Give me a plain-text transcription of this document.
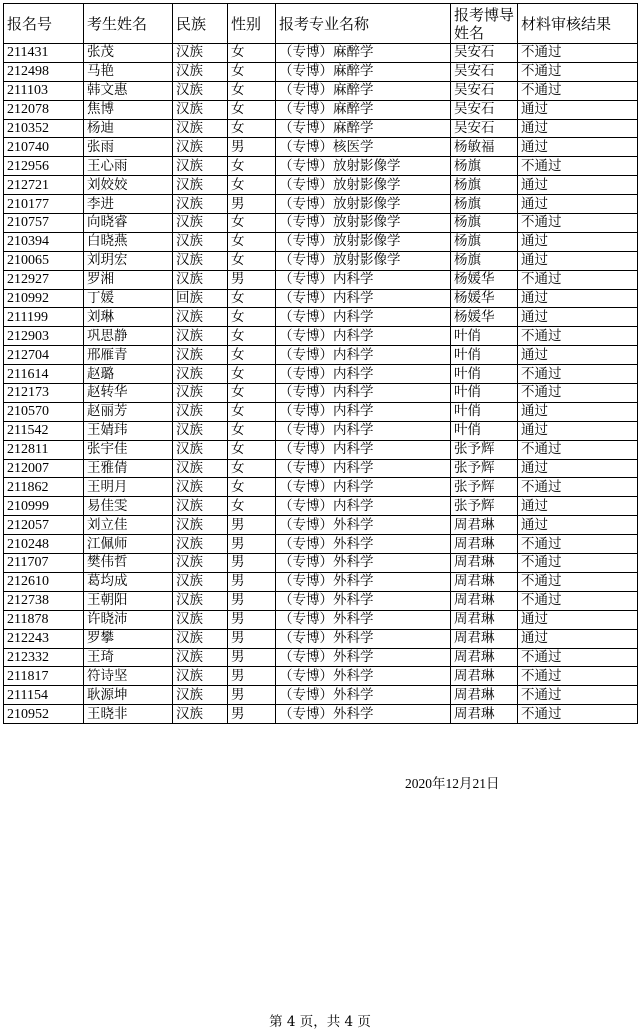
报名号	考生姓名	民族	性别	报考专业名称	报考博导姓名	材料审核结果
211431	张茂	汉族	女	（专博）麻醉学	吴安石	不通过
212498	马艳	汉族	女	（专博）麻醉学	吴安石	不通过
211103	韩文惠	汉族	女	（专博）麻醉学	吴安石	不通过
212078	焦博	汉族	女	（专博）麻醉学	吴安石	通过
210352	杨迪	汉族	女	（专博）麻醉学	吴安石	通过
210740	张雨	汉族	男	（专博）核医学	杨敏福	通过
212956	王心雨	汉族	女	（专博）放射影像学	杨旗	不通过
212721	刘姣姣	汉族	女	（专博）放射影像学	杨旗	通过
210177	李进	汉族	男	（专博）放射影像学	杨旗	通过
210757	向晓睿	汉族	女	（专博）放射影像学	杨旗	不通过
210394	白晓燕	汉族	女	（专博）放射影像学	杨旗	通过
210065	刘玥宏	汉族	女	（专博）放射影像学	杨旗	通过
212927	罗湘	汉族	男	（专博）内科学	杨媛华	不通过
210992	丁媛	回族	女	（专博）内科学	杨媛华	通过
211199	刘琳	汉族	女	（专博）内科学	杨媛华	通过
212903	巩思静	汉族	女	（专博）内科学	叶俏	不通过
212704	邢雁青	汉族	女	（专博）内科学	叶俏	通过
211614	赵璐	汉族	女	（专博）内科学	叶俏	不通过
212173	赵转华	汉族	女	（专博）内科学	叶俏	不通过
210570	赵丽芳	汉族	女	（专博）内科学	叶俏	通过
211542	王婧玮	汉族	女	（专博）内科学	叶俏	通过
212811	张宇佳	汉族	女	（专博）内科学	张予辉	不通过
212007	王雅倩	汉族	女	（专博）内科学	张予辉	通过
211862	王明月	汉族	女	（专博）内科学	张予辉	不通过
210999	易佳雯	汉族	女	（专博）内科学	张予辉	通过
212057	刘立佳	汉族	男	（专博）外科学	周君琳	通过
210248	江佩师	汉族	男	（专博）外科学	周君琳	不通过
211707	樊伟哲	汉族	男	（专博）外科学	周君琳	不通过
212610	葛均成	汉族	男	（专博）外科学	周君琳	不通过
212738	王朝阳	汉族	男	（专博）外科学	周君琳	不通过
211878	许晓沛	汉族	男	（专博）外科学	周君琳	通过
212243	罗攀	汉族	男	（专博）外科学	周君琳	通过
212332	王琦	汉族	男	（专博）外科学	周君琳	不通过
211817	符诗坚	汉族	男	（专博）外科学	周君琳	不通过
211154	耿源坤	汉族	男	（专博）外科学	周君琳	不通过
210952	王晓非	汉族	男	（专博）外科学	周君琳	不通过
2020年12月21日
第 4 页，共 4 页
